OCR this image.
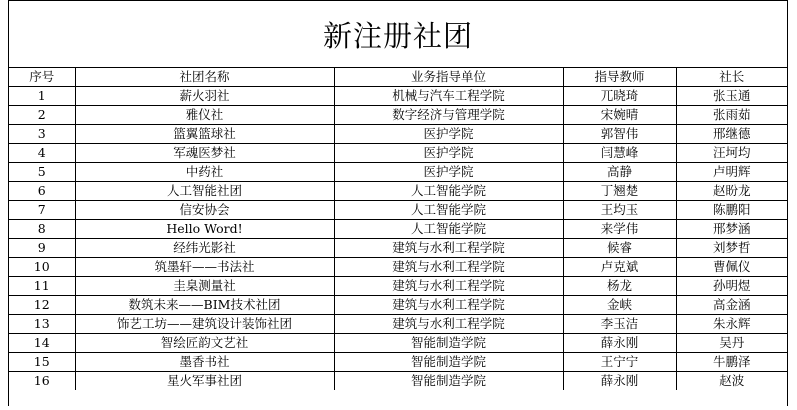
新注册社团
序号	社团名称	业务指导单位	指导教师	社长
1	薪火羽社	机械与汽车工程学院	兀晓琦	张玉通
2	雅仪社	数字经济与管理学院	宋婉晴	张雨茹
3	篮翼篮球社	医护学院	郭智伟	邢继德
4	军魂医梦社	医护学院	闫慧峰	汪坷均
5	中药社	医护学院	高静	卢明辉
6	人工智能社团	人工智能学院	丁翘楚	赵盼龙
7	信安协会	人工智能学院	王均玉	陈鹏阳
8	Hello Word!	人工智能学院	来学伟	邢梦涵
9	经纬光影社	建筑与水利工程学院	候睿	刘梦哲
10	筑墨轩——书法社	建筑与水利工程学院	卢克斌	曹佩仪
11	圭臬测量社	建筑与水利工程学院	杨龙	孙明煜
12	数筑未来——BIM技术社团	建筑与水利工程学院	金峡	高金涵
13	饰艺工坊——建筑设计装饰社团	建筑与水利工程学院	李玉洁	朱永辉
14	智绘匠韵文艺社	智能制造学院	薛永刚	吴丹
15	墨香书社	智能制造学院	王宁宁	牛鹏泽
16	星火军事社团	智能制造学院	薛永刚	赵波
